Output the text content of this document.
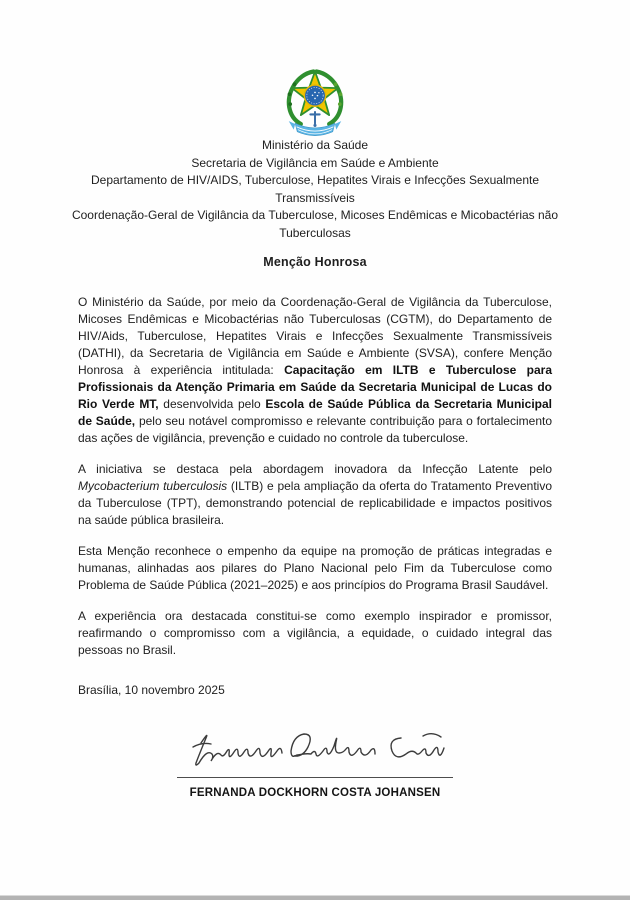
Ministério da Saúde
Secretaria de Vigilância em Saúde e Ambiente
Departamento de HIV/AIDS, Tuberculose, Hepatites Virais e Infecções Sexualmente Transmissíveis
Coordenação-Geral de Vigilância da Tuberculose, Micoses Endêmicas e Micobactérias não Tuberculosas
Menção Honrosa

O Ministério da Saúde, por meio da Coordenação-Geral de Vigilância da Tuberculose, Micoses Endêmicas e Micobactérias não Tuberculosas (CGTM), do Departamento de HIV/Aids, Tuberculose, Hepatites Virais e Infecções Sexualmente Transmissíveis (DATHI), da Secretaria de Vigilância em Saúde e Ambiente (SVSA), confere Menção Honrosa à experiência intitulada: Capacitação em ILTB e Tuberculose para Profissionais da Atenção Primaria em Saúde da Secretaria Municipal de Lucas do Rio Verde MT, desenvolvida pelo Escola de Saúde Pública da Secretaria Municipal de Saúde, pelo seu notável compromisso e relevante contribuição para o fortalecimento das ações de vigilância, prevenção e cuidado no controle da tuberculose.

A iniciativa se destaca pela abordagem inovadora da Infecção Latente pelo Mycobacterium tuberculosis (ILTB) e pela ampliação da oferta do Tratamento Preventivo da Tuberculose (TPT), demonstrando potencial de replicabilidade e impactos positivos na saúde pública brasileira.

Esta Menção reconhece o empenho da equipe na promoção de práticas integradas e humanas, alinhadas aos pilares do Plano Nacional pelo Fim da Tuberculose como Problema de Saúde Pública (2021–2025) e aos princípios do Programa Brasil Saudável.

A experiência ora destacada constitui-se como exemplo inspirador e promissor, reafirmando o compromisso com a vigilância, a equidade, o cuidado integral das pessoas no Brasil.

Brasília, 10 novembro 2025

FERNANDA DOCKHORN COSTA JOHANSEN
